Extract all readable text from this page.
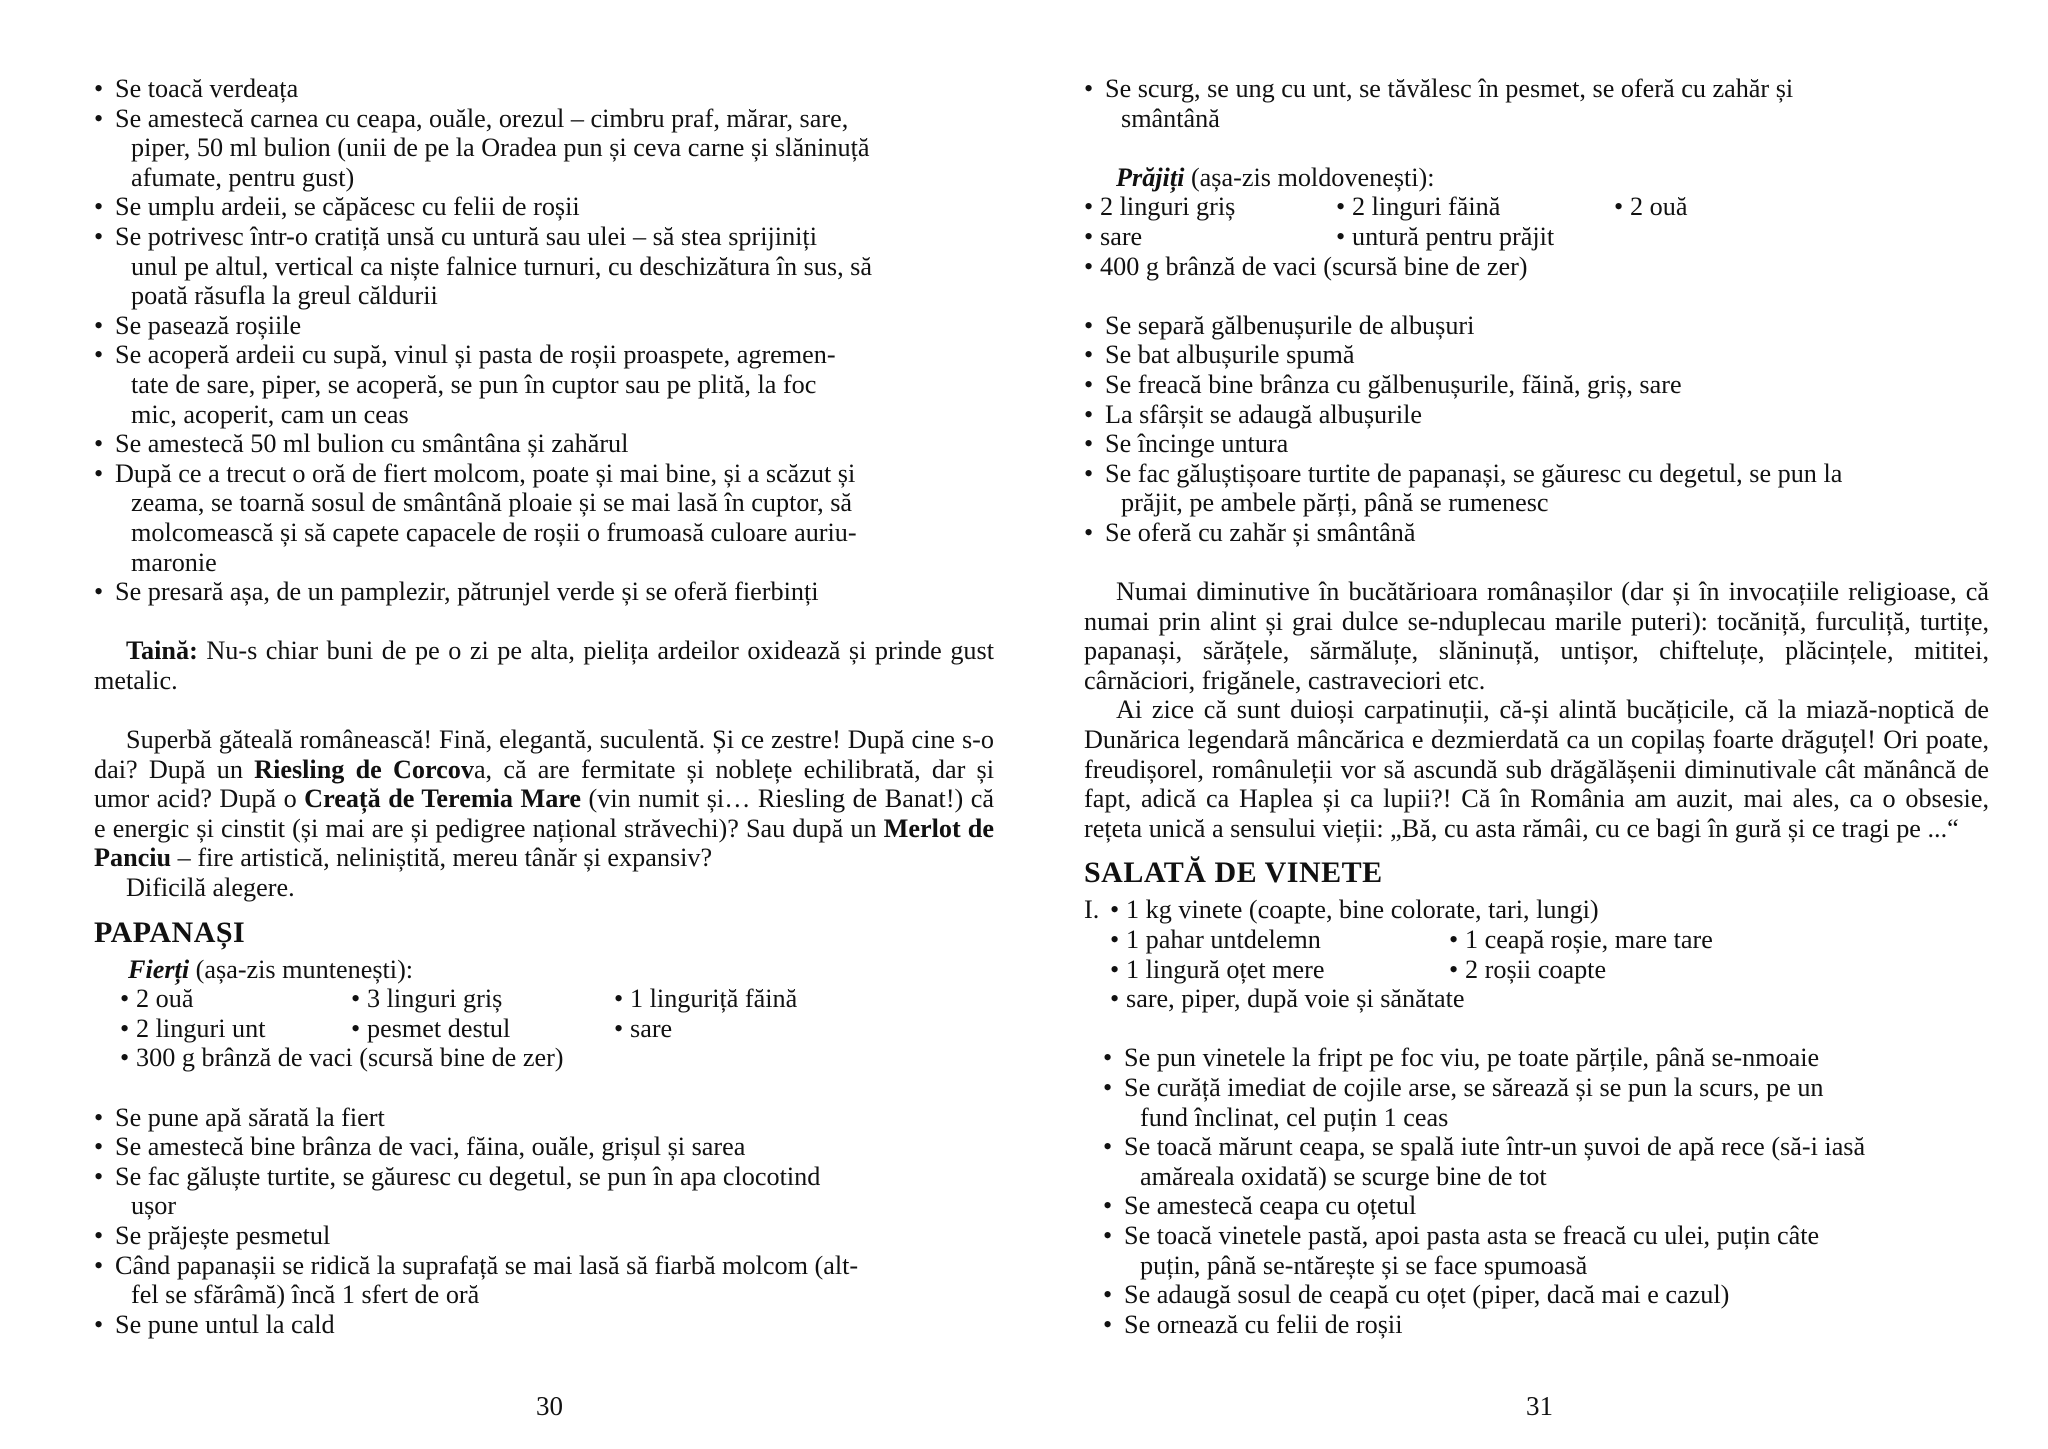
• Se toacă verdeața
• Se amestecă carnea cu ceapa, ouăle, orezul – cimbru praf, mărar, sare,
piper, 50 ml bulion (unii de pe la Oradea pun și ceva carne și slăninuță
afumate, pentru gust)
• Se umplu ardeii, se căpăcesc cu felii de roșii
• Se potrivesc într-o cratiță unsă cu untură sau ulei – să stea sprijiniți
unul pe altul, vertical ca niște falnice turnuri, cu deschizătura în sus, să
poată răsufla la greul căldurii
• Se pasează roșiile
• Se acoperă ardeii cu supă, vinul și pasta de roșii proaspete, agremen-
tate de sare, piper, se acoperă, se pun în cuptor sau pe plită, la foc
mic, acoperit, cam un ceas
• Se amestecă 50 ml bulion cu smântâna și zahărul
• După ce a trecut o oră de fiert molcom, poate și mai bine, și a scăzut și
zeama, se toarnă sosul de smântână ploaie și se mai lasă în cuptor, să
molcomească și să capete capacele de roșii o frumoasă culoare auriu-
maronie
• Se presară așa, de un pamplezir, pătrunjel verde și se oferă fierbinți
Taină: Nu-s chiar buni de pe o zi pe alta, pielița ardeilor oxidează și prinde gust metalic.
Superbă găteală românească! Fină, elegantă, suculentă. Și ce zestre! După cine s-o dai? După un Riesling de Corcova, că are fermitate și noblețe echilibrată, dar și umor acid? După o Creață de Teremia Mare (vin numit și… Riesling de Banat!) că e energic și cinstit (și mai are și pedigree național străvechi)? Sau după un Merlot de Panciu – fire artistică, neliniștită, mereu tânăr și expansiv?
Dificilă alegere.
PAPANAȘI
Fierți (așa-zis muntenești):
• 2 ouă	• 3 linguri griș	• 1 linguriță făină
• 2 linguri unt	• pesmet destul	• sare
• 300 g brânză de vaci (scursă bine de zer)
• Se pune apă sărată la fiert
• Se amestecă bine brânza de vaci, făina, ouăle, grișul și sarea
• Se fac găluște turtite, se găuresc cu degetul, se pun în apa clocotind
ușor
• Se prăjește pesmetul
• Când papanașii se ridică la suprafață se mai lasă să fiarbă molcom (alt-
fel se sfărâmă) încă 1 sfert de oră
• Se pune untul la cald
30
• Se scurg, se ung cu unt, se tăvălesc în pesmet, se oferă cu zahăr și
smântână
Prăjiți (așa-zis moldovenești):
• 2 linguri griș	• 2 linguri făină	• 2 ouă
• sare	• untură pentru prăjit
• 400 g brânză de vaci (scursă bine de zer)
• Se separă gălbenușurile de albușuri
• Se bat albușurile spumă
• Se freacă bine brânza cu gălbenușurile, făină, griș, sare
• La sfârșit se adaugă albușurile
• Se încinge untura
• Se fac găluștișoare turtite de papanași, se găuresc cu degetul, se pun la
prăjit, pe ambele părți, până se rumenesc
• Se oferă cu zahăr și smântână
Numai diminutive în bucătărioara românașilor (dar și în invocațiile religioase, că numai prin alint și grai dulce se-nduplecau marile puteri): tocăniță, furculiță, turtițe, papanași, sărățele, sărmăluțe, slăninuță, untișor, chifteluțe, plăcințele, mititei, cârnăciori, frigănele, castraveciori etc.
Ai zice că sunt duioși carpatinuții, că-și alintă bucățicile, că la miază-noptică de Dunărica legendară mâncărica e dezmierdată ca un copilaș foarte drăguțel! Ori poate, freudișorel, românuleții vor să ascundă sub drăgălășenii diminutivale cât mănâncă de fapt, adică ca Haplea și ca lupii?! Că în România am auzit, mai ales, ca o obsesie, rețeta unică a sensului vieții: „Bă, cu asta rămâi, cu ce bagi în gură și ce tragi pe ...“
SALATĂ DE VINETE
I.	• 1 kg vinete (coapte, bine colorate, tari, lungi)
• 1 pahar untdelemn	• 1 ceapă roșie, mare tare
• 1 lingură oțet mere	• 2 roșii coapte
• sare, piper, după voie și sănătate
• Se pun vinetele la fript pe foc viu, pe toate părțile, până se-nmoaie
• Se curăță imediat de cojile arse, se sărează și se pun la scurs, pe un
fund înclinat, cel puțin 1 ceas
• Se toacă mărunt ceapa, se spală iute într-un șuvoi de apă rece (să-i iasă
amăreala oxidată) se scurge bine de tot
• Se amestecă ceapa cu oțetul
• Se toacă vinetele pastă, apoi pasta asta se freacă cu ulei, puțin câte
puțin, până se-ntărește și se face spumoasă
• Se adaugă sosul de ceapă cu oțet (piper, dacă mai e cazul)
• Se ornează cu felii de roșii
31
